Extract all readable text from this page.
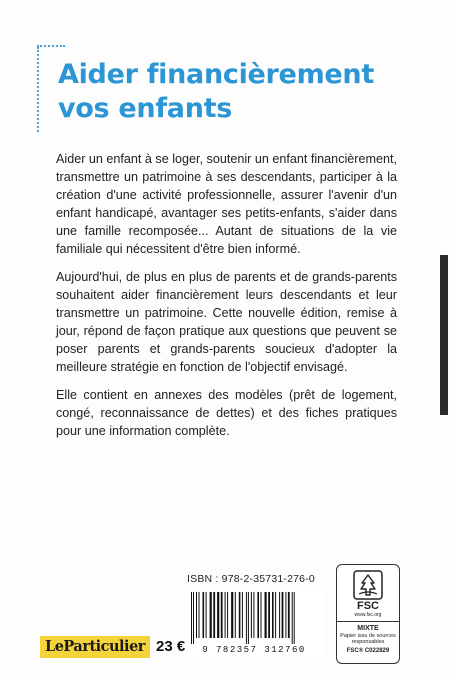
Aider financièrement
vos enfants

Aider un enfant à se loger, soutenir un enfant financièrement, transmettre un patrimoine à ses descendants, participer à la création d'une activité professionnelle, assurer l'avenir d'un enfant handicapé, avantager ses petits-enfants, s'aider dans une famille recomposée... Autant de situations de la vie familiale qui nécessitent d'être bien informé.

Aujourd'hui, de plus en plus de parents et de grands-parents souhaitent aider financièrement leurs descendants et leur transmettre un patrimoine. Cette nouvelle édition, remise à jour, répond de façon pratique aux questions que peuvent se poser parents et grands-parents soucieux d'adopter la meilleure stratégie en fonction de l'objectif envisagé.

Elle contient en annexes des modèles (prêt de logement, congé, reconnaissance de dettes) et des fiches pratiques pour une information complète.

ISBN : 978-2-35731-276-0
9 782357 312760
FSC
www.fsc.org
MIXTE
Papier issu de sources responsables
FSC® C022829
LeParticulier 23 €
